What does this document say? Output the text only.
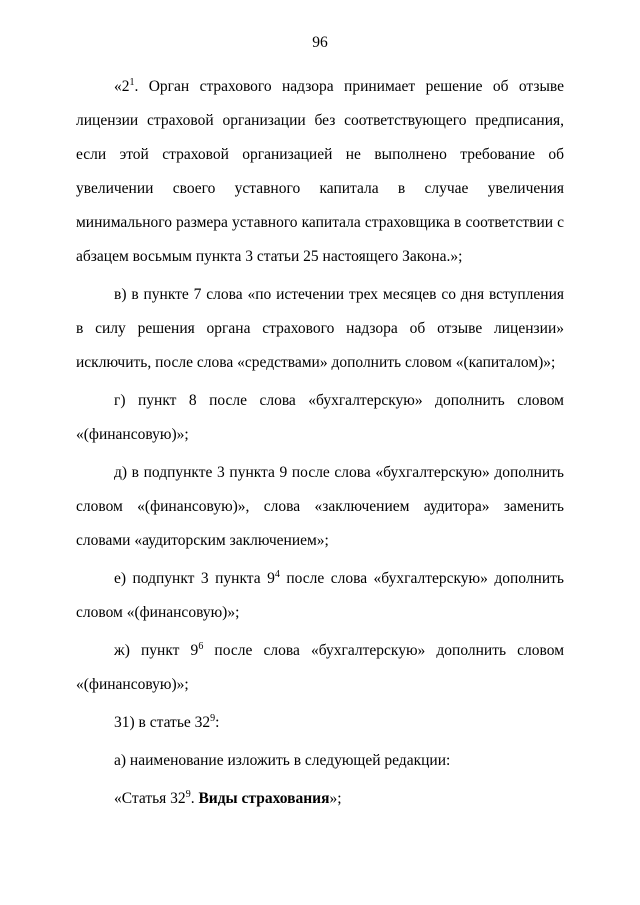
96

«$2^1$. Орган страхового надзора принимает решение об отзыве лицензии страховой организации без соответствующего предписания, если этой страховой организацией не выполнено требование об увеличении своего уставного капитала в случае увеличения минимального размера уставного капитала страховщика в соответствии с абзацем восьмым пункта 3 статьи 25 настоящего Закона.»;

в) в пункте 7 слова «по истечении трех месяцев со дня вступления в силу решения органа страхового надзора об отзыве лицензии» исключить, после слова «средствами» дополнить словом «(капиталом)»;

г) пункт 8 после слова «бухгалтерскую» дополнить словом «(финансовую)»;

д) в подпункте 3 пункта 9 после слова «бухгалтерскую» дополнить словом «(финансовую)», слова «заключением аудитора» заменить словами «аудиторским заключением»;

е) подпункт 3 пункта $9^4$ после слова «бухгалтерскую» дополнить словом «(финансовую)»;

ж) пункт $9^6$ после слова «бухгалтерскую» дополнить словом «(финансовую)»;

31) в статье $32^9$:

а) наименование изложить в следующей редакции:

«Статья $32^9$. Виды страхования»;
